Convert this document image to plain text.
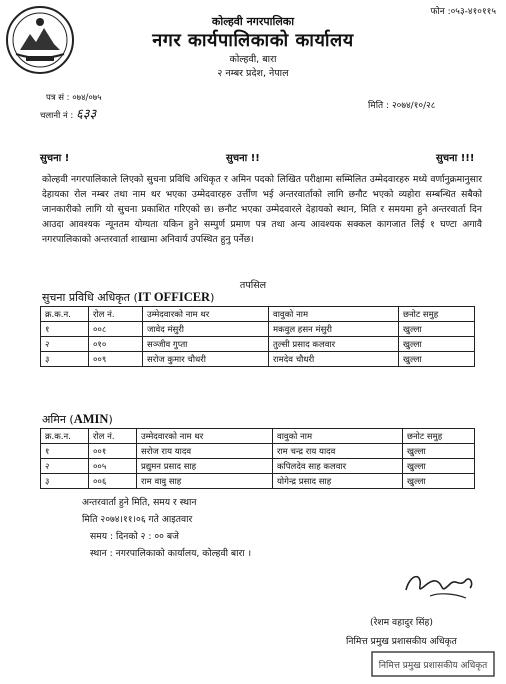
फोन :०५३-४१०११५
कोल्हवी नगरपालिका
नगर कार्यपालिकाको कार्यालय
कोल्हवी, बारा
२ नम्बर प्रदेश, नेपाल
पत्र सं : ०७४/०७५
चलानी नं : ६३३
मिति : २०७४/१०/२८
सुचना !	सुचना !!	सुचना !!!
कोल्हवी नगरपालिकाले लिएको सुचना प्रविधि अधिकृत र अमिन पदको लिखित परीक्षामा सम्मिलित उम्मेदवारहरु मध्ये वर्णानुक्रमानुसार देहायका रोल नम्बर तथा नाम थर भएका उम्मेदवारहरु उर्त्तीण भई अन्तरवार्ताको लागि छनौट भएको व्यहोरा सम्बन्धित सबैको जानकारीको लागि यो सुचना प्रकाशित गरिएको छ। छनौट भएका उम्मेदवारले देहायको स्थान, मिति र समयमा हुने अन्तरवार्ता दिन आउदा आवश्यक न्यूनतम योग्यता यकिन हुने सम्पुर्ण प्रमाण पत्र तथा अन्य आवश्यक सक्कल कागजात लिई १ घण्टा अगावै नगरपालिकाको अन्तरवार्ता शाखामा अनिवार्य उपस्थित हुनु पर्नेछ।
तपसिल
सुचना प्रविधि अधिकृत (IT OFFICER)
क्र.क.न.	रोल नं.	उम्मेदवारको नाम थर	वावुको नाम	छनोट समुह
१	००८	जावेद मंसुरी	मकवुल हसन मंसुरी	खुल्ला
२	०१०	सञ्जीव गुप्ता	तुल्सी प्रसाद कलवार	खुल्ला
३	००९	सरोज कुमार चौधरी	रामदेव चौधरी	खुल्ला
अमिन (AMIN)
क्र.क.न.	रोल नं.	उम्मेदवारको नाम थर	वावुको नाम	छनोट समुह
१	००१	सरोज राय यादव	राम चन्द्र राय यादव	खुल्ला
२	००५	प्रद्युमन प्रसाद साह	कपिलदेव साह कलवार	खुल्ला
३	००६	राम वावु साह	योगेन्द्र प्रसाद साह	खुल्ला
अन्तरवार्ता हुने मिति, समय र स्थान
मिति २०७४।११।०६ गते आइतवार
समय : दिनको २ : ०० बजे
स्थान : नगरपालिकाको कार्यालय, कोल्हवी बारा ।
(रेशम वहादुर सिंह)
निमित्त प्रमुख प्रशासकीय अधिकृत
निमित्त प्रमुख प्रशासकीय अधिकृत
